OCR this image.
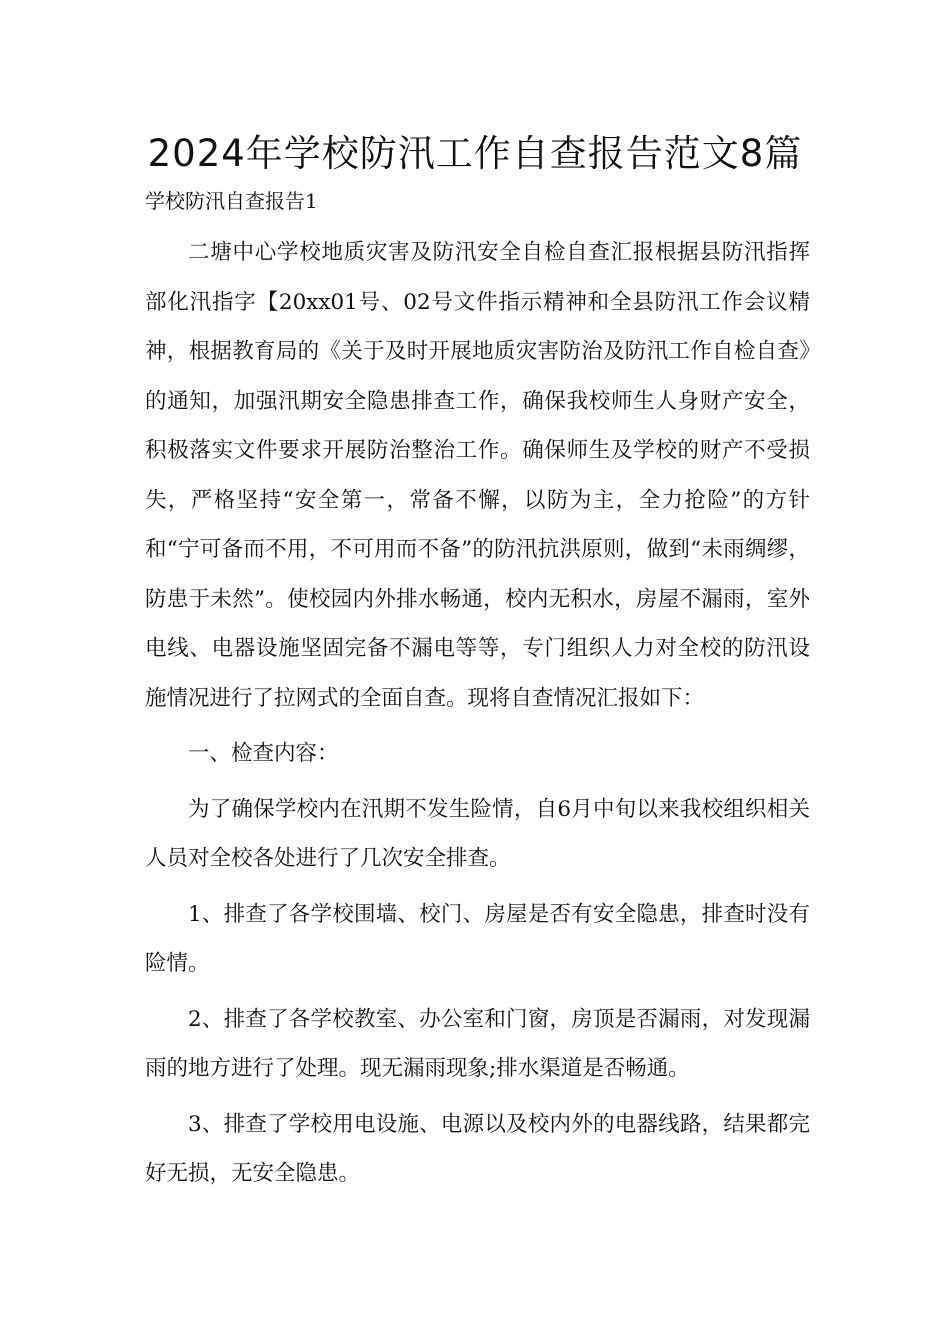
2024年学校防汛工作自查报告范文8篇

学校防汛自查报告1

二塘中心学校地质灾害及防汛安全自检自查汇报根据县防汛指挥部化汛指字【20xx01号、02号文件指示精神和全县防汛工作会议精神，根据教育局的《关于及时开展地质灾害防治及防汛工作自检自查》的通知，加强汛期安全隐患排查工作，确保我校师生人身财产安全，积极落实文件要求开展防治整治工作。确保师生及学校的财产不受损失，严格坚持“安全第一，常备不懈，以防为主，全力抢险”的方针和“宁可备而不用，不可用而不备”的防汛抗洪原则，做到“未雨绸缪，防患于未然”。使校园内外排水畅通，校内无积水，房屋不漏雨，室外电线、电器设施坚固完备不漏电等等，专门组织人力对全校的防汛设施情况进行了拉网式的全面自查。现将自查情况汇报如下：

一、检查内容：

为了确保学校内在汛期不发生险情，自6月中旬以来我校组织相关人员对全校各处进行了几次安全排查。

1、排查了各学校围墙、校门、房屋是否有安全隐患，排查时没有险情。

2、排查了各学校教室、办公室和门窗，房顶是否漏雨，对发现漏雨的地方进行了处理。现无漏雨现象;排水渠道是否畅通。

3、排查了学校用电设施、电源以及校内外的电器线路，结果都完好无损，无安全隐患。
